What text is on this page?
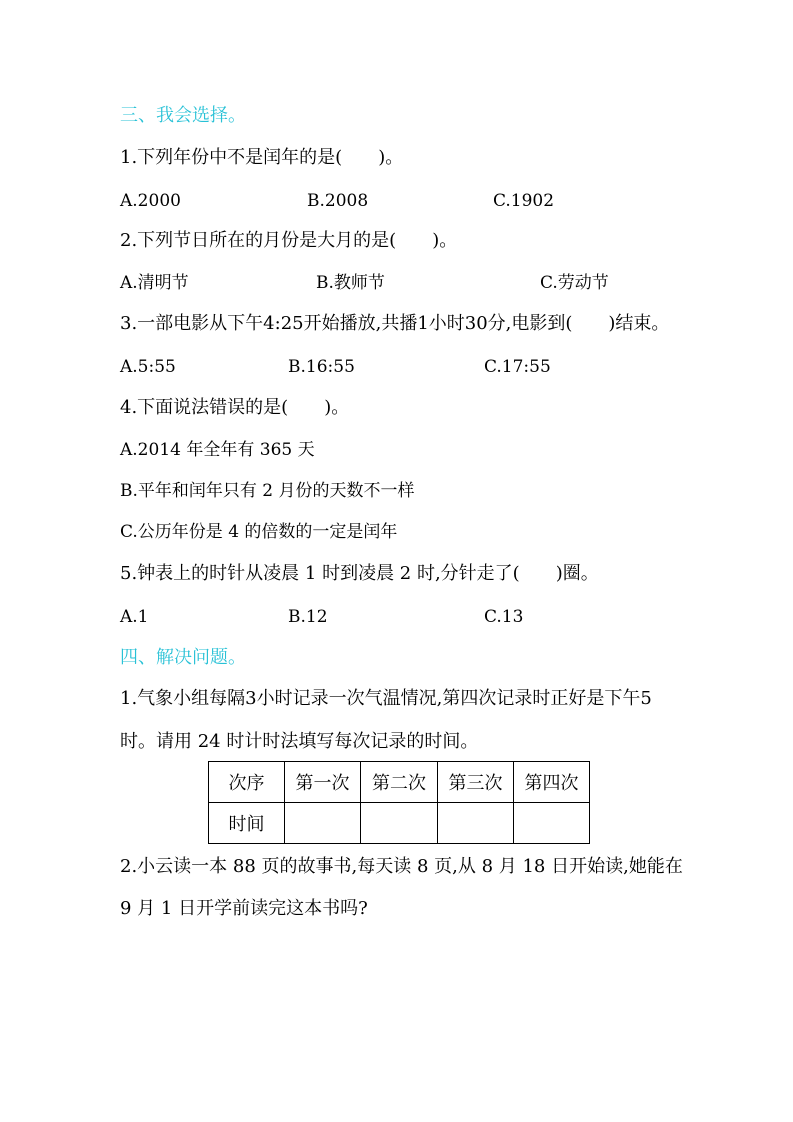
三、我会选择。
1.下列年份中不是闰年的是(　　)。
A.2000	B.2008	C.1902
2.下列节日所在的月份是大月的是(　　)。
A.清明节	B.教师节	C.劳动节
3.一部电影从下午4:25开始播放,共播1小时30分,电影到(　　)结束。
A.5:55	B.16:55	C.17:55
4.下面说法错误的是(　　)。
A.2014 年全年有 365 天
B.平年和闰年只有 2 月份的天数不一样
C.公历年份是 4 的倍数的一定是闰年
5.钟表上的时针从凌晨 1 时到凌晨 2 时,分针走了(　　)圈。
A.1	B.12	C.13
四、解决问题。
1.气象小组每隔3小时记录一次气温情况,第四次记录时正好是下午5
时。请用 24 时计时法填写每次记录的时间。
次序	第一次	第二次	第三次	第四次
时间				
2.小云读一本 88 页的故事书,每天读 8 页,从 8 月 18 日开始读,她能在
9 月 1 日开学前读完这本书吗?
